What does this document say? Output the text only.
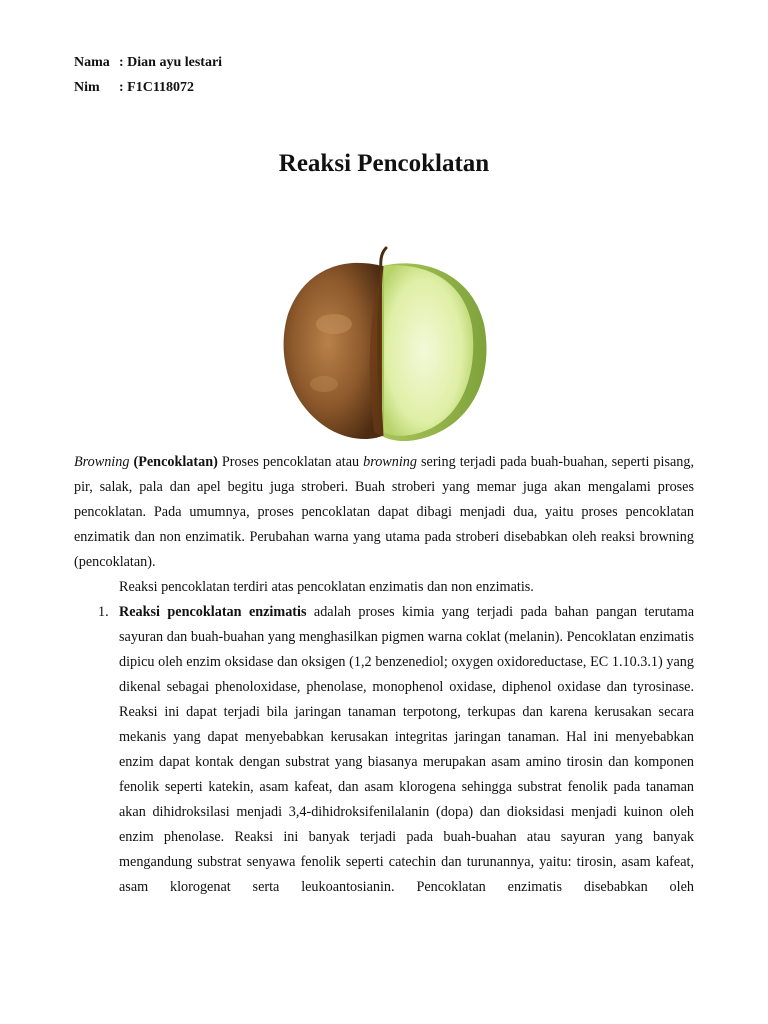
Nama : Dian ayu lestari
Nim	: F1C118072
Reaksi Pencoklatan

Browning (Pencoklatan) Proses pencoklatan atau browning sering terjadi pada buah-buahan, seperti pisang, pir, salak, pala dan apel begitu juga stroberi. Buah stroberi yang memar juga akan mengalami proses pencoklatan. Pada umumnya, proses pencoklatan dapat dibagi menjadi dua, yaitu proses pencoklatan enzimatik dan non enzimatik. Perubahan warna yang utama pada stroberi disebabkan oleh reaksi browning (pencoklatan).

Reaksi pencoklatan terdiri atas pencoklatan enzimatis dan non enzimatis.

1. Reaksi pencoklatan enzimatis adalah proses kimia yang terjadi pada bahan pangan terutama sayuran dan buah-buahan yang menghasilkan pigmen warna coklat (melanin). Pencoklatan enzimatis dipicu oleh enzim oksidase dan oksigen (1,2 benzenediol; oxygen oxidoreductase, EC 1.10.3.1) yang dikenal sebagai phenoloxidase, phenolase, monophenol oxidase, diphenol oxidase dan tyrosinase. Reaksi ini dapat terjadi bila jaringan tanaman terpotong, terkupas dan karena kerusakan secara mekanis yang dapat menyebabkan kerusakan integritas jaringan tanaman. Hal ini menyebabkan enzim dapat kontak dengan substrat yang biasanya merupakan asam amino tirosin dan komponen fenolik seperti katekin, asam kafeat, dan asam klorogena sehingga substrat fenolik pada tanaman akan dihidroksilasi menjadi 3,4-dihidroksifenilalanin (dopa) dan dioksidasi menjadi kuinon oleh enzim phenolase. Reaksi ini banyak terjadi pada buah-buahan atau sayuran yang banyak mengandung substrat senyawa fenolik seperti catechin dan turunannya, yaitu: tirosin, asam kafeat, asam klorogenat serta leukoantosianin. Pencoklatan enzimatis disebabkan oleh
